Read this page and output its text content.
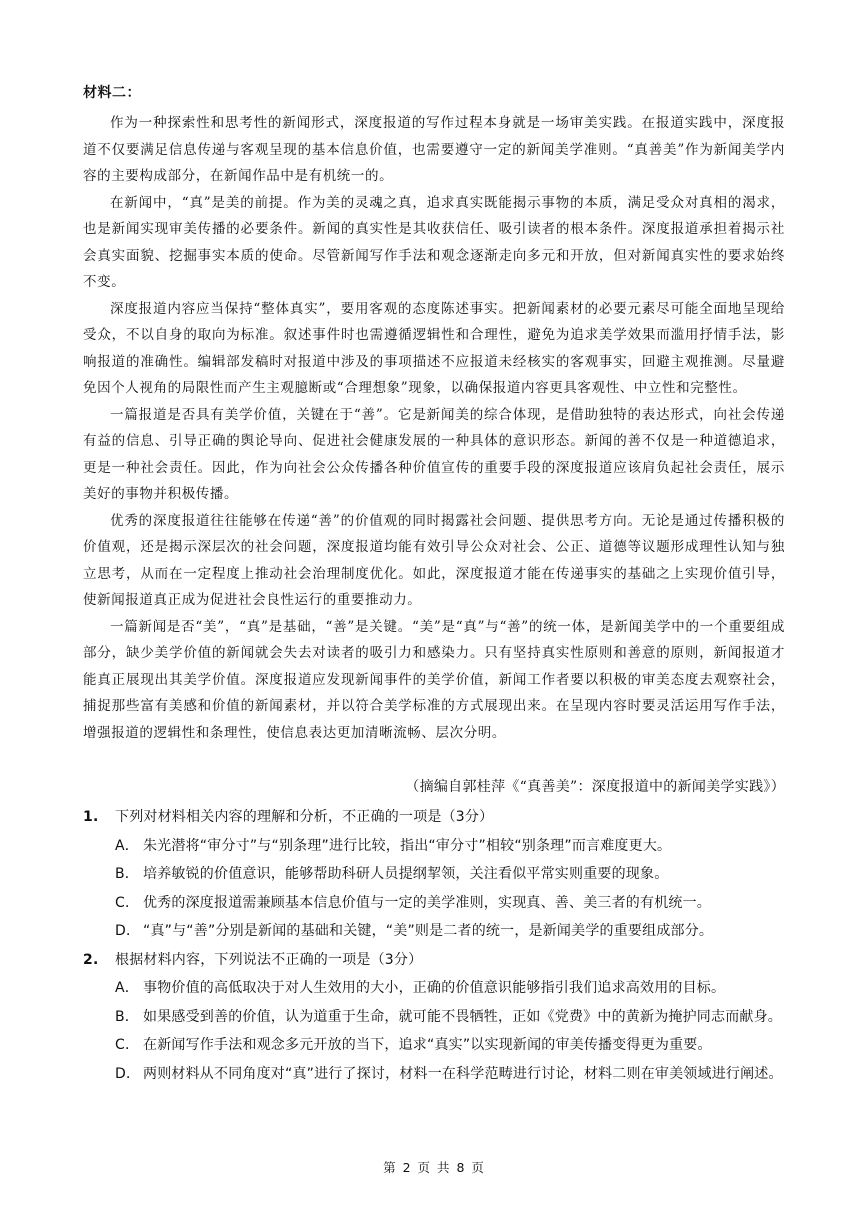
材料二：

作为一种探索性和思考性的新闻形式，深度报道的写作过程本身就是一场审美实践。在报道实践中，深度报道不仅要满足信息传递与客观呈现的基本信息价值，也需要遵守一定的新闻美学准则。“真善美”作为新闻美学内容的主要构成部分，在新闻作品中是有机统一的。

在新闻中，“真”是美的前提。作为美的灵魂之真，追求真实既能揭示事物的本质，满足受众对真相的渴求，也是新闻实现审美传播的必要条件。新闻的真实性是其收获信任、吸引读者的根本条件。深度报道承担着揭示社会真实面貌、挖掘事实本质的使命。尽管新闻写作手法和观念逐渐走向多元和开放，但对新闻真实性的要求始终不变。

深度报道内容应当保持“整体真实”，要用客观的态度陈述事实。把新闻素材的必要元素尽可能全面地呈现给受众，不以自身的取向为标准。叙述事件时也需遵循逻辑性和合理性，避免为追求美学效果而滥用抒情手法，影响报道的准确性。编辑部发稿时对报道中涉及的事项描述不应报道未经核实的客观事实，回避主观推测。尽量避免因个人视角的局限性而产生主观臆断或“合理想象”现象，以确保报道内容更具客观性、中立性和完整性。

一篇报道是否具有美学价值，关键在于“善”。它是新闻美的综合体现，是借助独特的表达形式，向社会传递有益的信息、引导正确的舆论导向、促进社会健康发展的一种具体的意识形态。新闻的善不仅是一种道德追求，更是一种社会责任。因此，作为向社会公众传播各种价值宣传的重要手段的深度报道应该肩负起社会责任，展示美好的事物并积极传播。

优秀的深度报道往往能够在传递“善”的价值观的同时揭露社会问题、提供思考方向。无论是通过传播积极的价值观，还是揭示深层次的社会问题，深度报道均能有效引导公众对社会、公正、道德等议题形成理性认知与独立思考，从而在一定程度上推动社会治理制度优化。如此，深度报道才能在传递事实的基础之上实现价值引导，使新闻报道真正成为促进社会良性运行的重要推动力。

一篇新闻是否“美”，“真”是基础，“善”是关键。“美”是“真”与“善”的统一体，是新闻美学中的一个重要组成部分，缺少美学价值的新闻就会失去对读者的吸引力和感染力。只有坚持真实性原则和善意的原则，新闻报道才能真正展现出其美学价值。深度报道应发现新闻事件的美学价值，新闻工作者要以积极的审美态度去观察社会，捕捉那些富有美感和价值的新闻素材，并以符合美学标准的方式展现出来。在呈现内容时要灵活运用写作手法，增强报道的逻辑性和条理性，使信息表达更加清晰流畅、层次分明。

（摘编自郭桂萍《“真善美”：深度报道中的新闻美学实践》）
1. 下列对材料相关内容的理解和分析，不正确的一项是（3分）
A． 朱光潜将“审分寸”与“别条理”进行比较，指出“审分寸”相较“别条理”而言难度更大。
B． 培养敏锐的价值意识，能够帮助科研人员提纲挈领，关注看似平常实则重要的现象。
C． 优秀的深度报道需兼顾基本信息价值与一定的美学准则，实现真、善、美三者的有机统一。
D． “真”与“善”分别是新闻的基础和关键，“美”则是二者的统一，是新闻美学的重要组成部分。
2. 根据材料内容，下列说法不正确的一项是（3分）
A． 事物价值的高低取决于对人生效用的大小，正确的价值意识能够指引我们追求高效用的目标。
B． 如果感受到善的价值，认为道重于生命，就可能不畏牺牲，正如《党费》中的黄新为掩护同志而献身。
C． 在新闻写作手法和观念多元开放的当下，追求“真实”以实现新闻的审美传播变得更为重要。
D． 两则材料从不同角度对“真”进行了探讨，材料一在科学范畴进行讨论，材料二则在审美领域进行阐述。
第 2 页 共 8 页
